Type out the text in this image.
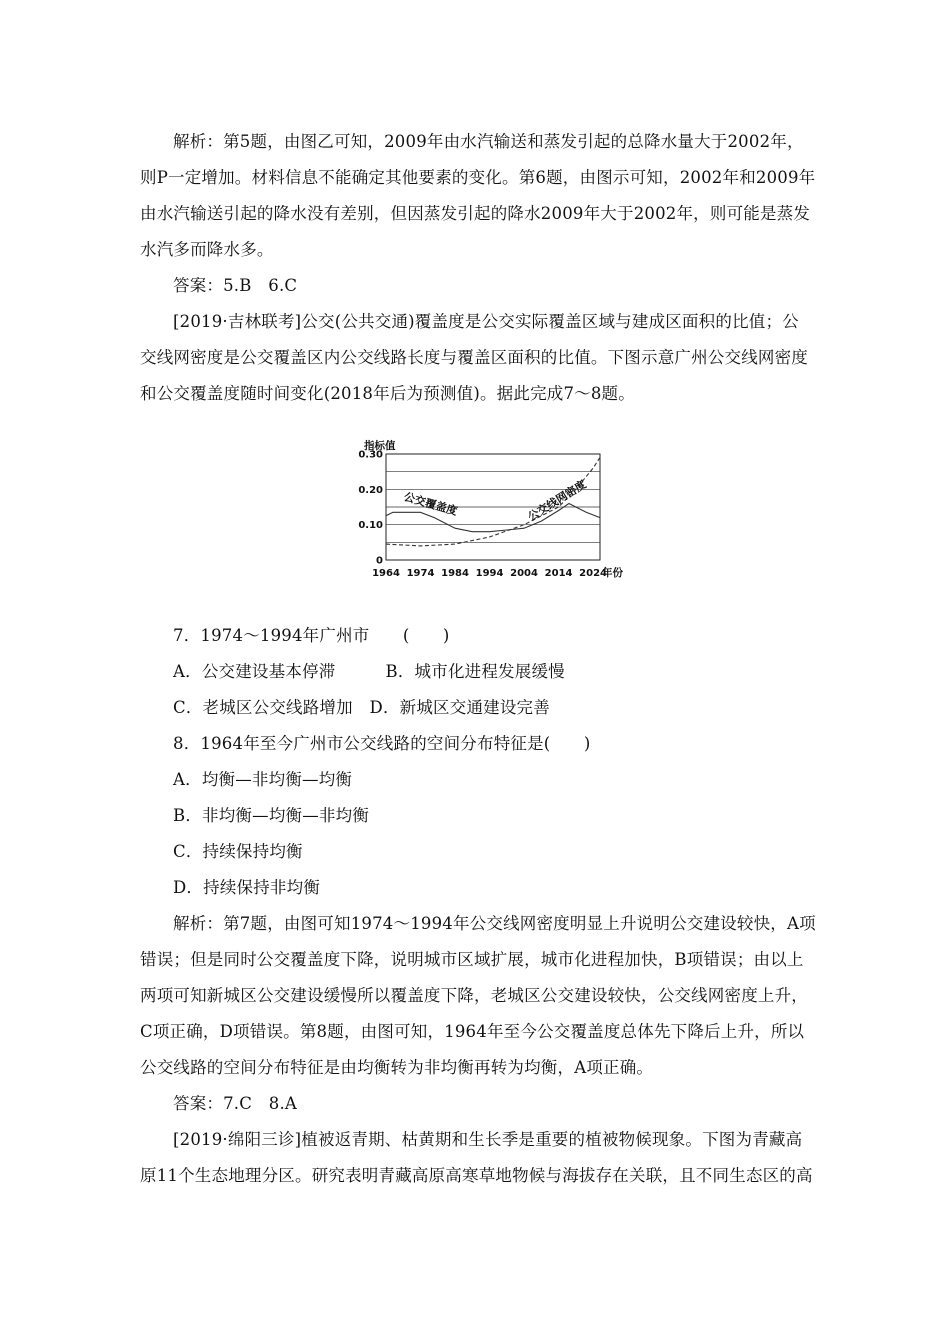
解析：第5题，由图乙可知，2009年由水汽输送和蒸发引起的总降水量大于2002年，
则P一定增加。材料信息不能确定其他要素的变化。第6题，由图示可知，2002年和2009年
由水汽输送引起的降水没有差别，但因蒸发引起的降水2009年大于2002年，则可能是蒸发
水汽多而降水多。
答案：5.B　6.C
[2019·吉林联考]公交(公共交通)覆盖度是公交实际覆盖区域与建成区面积的比值；公
交线网密度是公交覆盖区内公交线路长度与覆盖区面积的比值。下图示意广州公交线网密度
和公交覆盖度随时间变化(2018年后为预测值)。据此完成7～8题。
0
0.10
0.20
0.30
1964 1974 1984 1994 2004 2014 2024
指标值
年份
公交覆盖度	公交线网密度
7．1974～1994年广州市　　(　　)
A．公交建设基本停滞　　　B．城市化进程发展缓慢
C．老城区公交线路增加　D．新城区交通建设完善
8．1964年至今广州市公交线路的空间分布特征是(　　)
A．均衡—非均衡—均衡
B．非均衡—均衡—非均衡
C．持续保持均衡
D．持续保持非均衡
解析：第7题，由图可知1974～1994年公交线网密度明显上升说明公交建设较快，A项
错误；但是同时公交覆盖度下降，说明城市区域扩展，城市化进程加快，B项错误；由以上
两项可知新城区公交建设缓慢所以覆盖度下降，老城区公交建设较快，公交线网密度上升，
C项正确，D项错误。第8题，由图可知，1964年至今公交覆盖度总体先下降后上升，所以
公交线路的空间分布特征是由均衡转为非均衡再转为均衡，A项正确。
答案：7.C　8.A
[2019·绵阳三诊]植被返青期、枯黄期和生长季是重要的植被物候现象。下图为青藏高
原11个生态地理分区。研究表明青藏高原高寒草地物候与海拔存在关联，且不同生态区的高
